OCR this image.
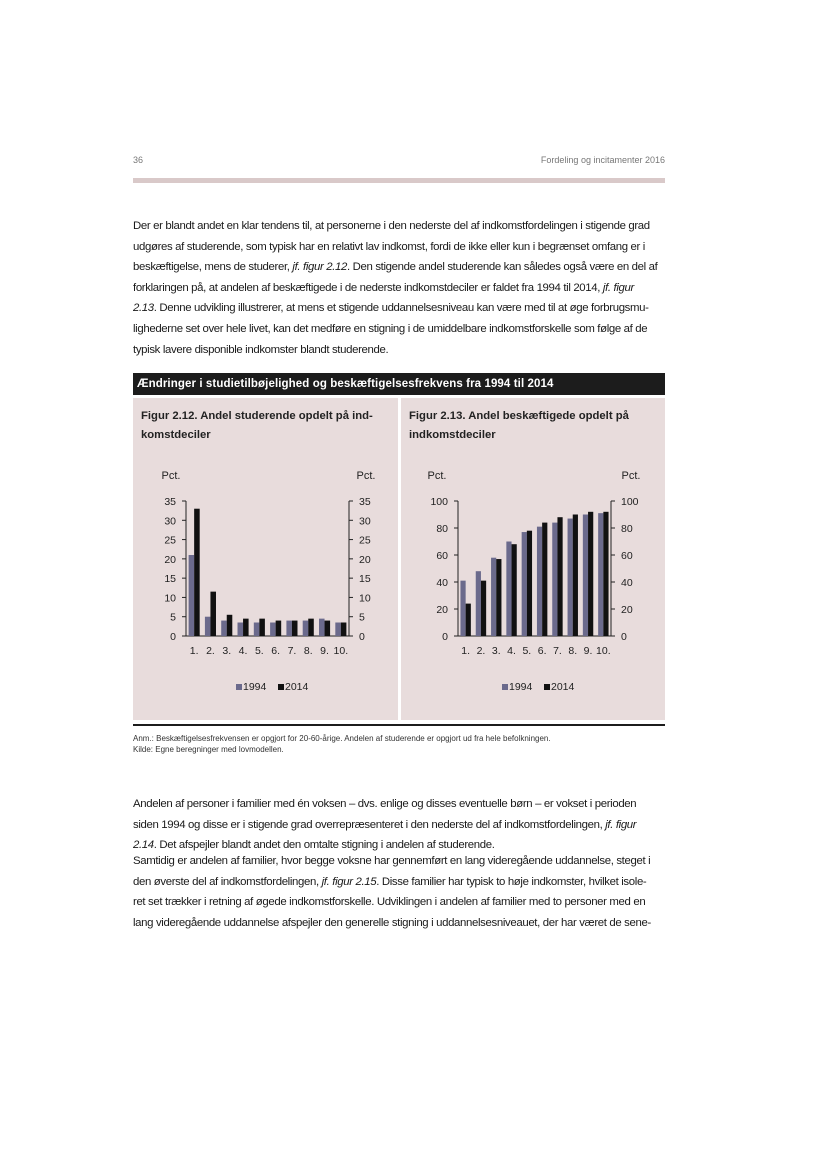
36	Fordeling og incitamenter 2016

Der er blandt andet en klar tendens til, at personerne i den nederste del af indkomstfordelingen i stigende grad
udgøres af studerende, som typisk har en relativt lav indkomst, fordi de ikke eller kun i begrænset omfang er i
beskæftigelse, mens de studerer, jf. figur 2.12. Den stigende andel studerende kan således også være en del af
forklaringen på, at andelen af beskæftigede i de nederste indkomstdeciler er faldet fra 1994 til 2014, jf. figur
2.13. Denne udvikling illustrerer, at mens et stigende uddannelsesniveau kan være med til at øge forbrugsmu-
lighederne set over hele livet, kan det medføre en stigning i de umiddelbare indkomstforskelle som følge af de
typisk lavere disponible indkomster blandt studerende.

Ændringer i studietilbøjelighed og beskæftigelsesfrekvens fra 1994 til 2014
Figur 2.12. Andel studerende opdelt på ind-
komstdeciler
Pct.	Pct.
0	0
5	5
10	10
15	15
20	20
25	25
30	30
35	35
1. 2. 3. 4. 5. 6. 7. 8. 9. 10.
1994 2014
Figur 2.13. Andel beskæftigede opdelt på
indkomstdeciler
Pct.	Pct.
0	0
20	20
40	40
60	60
80	80
100	100
1. 2. 3. 4. 5. 6. 7. 8. 9. 10.
1994 2014
Anm.: Beskæftigelsesfrekvensen er opgjort for 20-60-årige. Andelen af studerende er opgjort ud fra hele befolkningen.
Kilde: Egne beregninger med lovmodellen.

Andelen af personer i familier med én voksen – dvs. enlige og disses eventuelle børn – er vokset i perioden
siden 1994 og disse er i stigende grad overrepræsenteret i den nederste del af indkomstfordelingen, jf. figur
2.14. Det afspejler blandt andet den omtalte stigning i andelen af studerende.

Samtidig er andelen af familier, hvor begge voksne har gennemført en lang videregående uddannelse, steget i
den øverste del af indkomstfordelingen, jf. figur 2.15. Disse familier har typisk to høje indkomster, hvilket isole-
ret set trækker i retning af øgede indkomstforskelle. Udviklingen i andelen af familier med to personer med en
lang videregående uddannelse afspejler den generelle stigning i uddannelsesniveauet, der har været de sene-
